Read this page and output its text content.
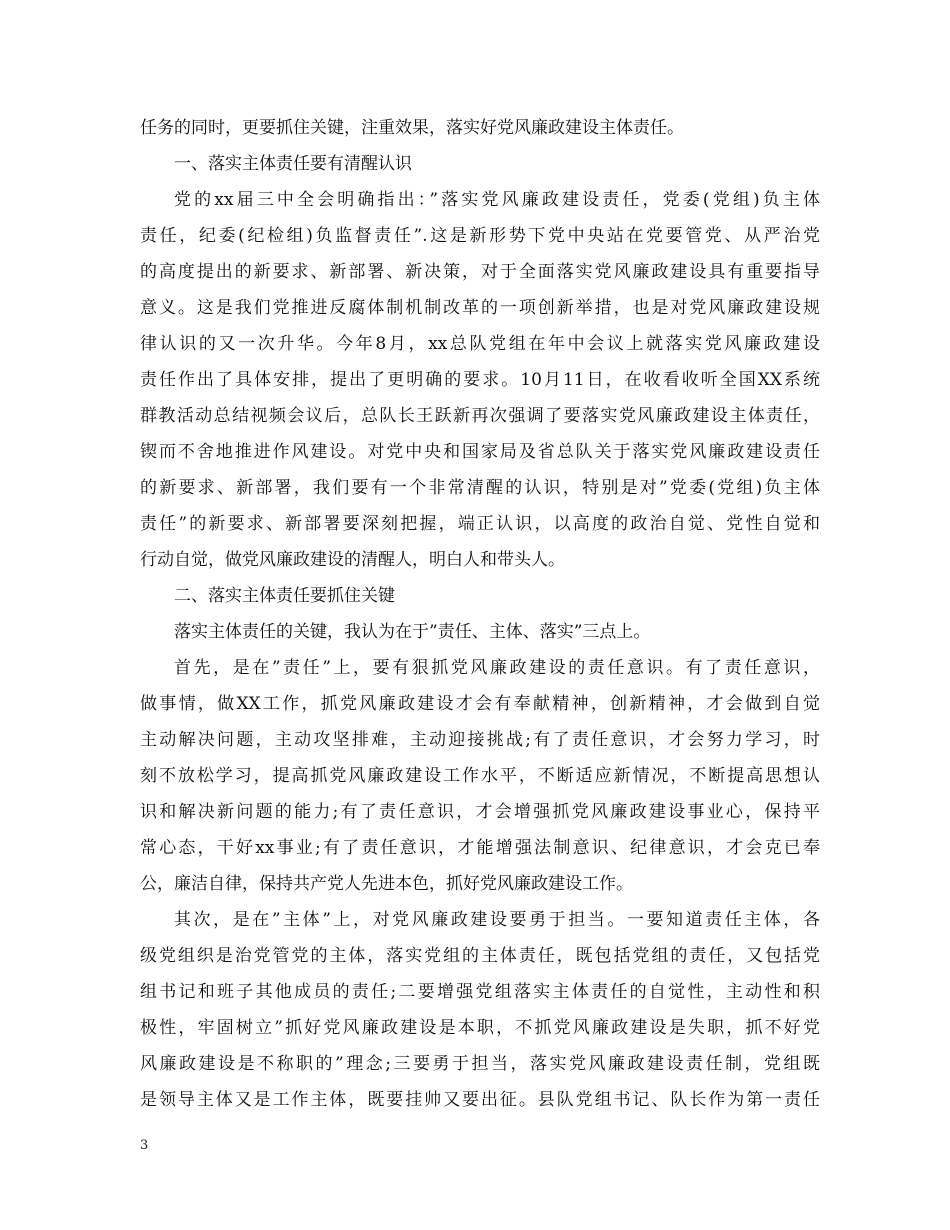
任务的同时，更要抓住关键，注重效果，落实好党风廉政建设主体责任。
一、落实主体责任要有清醒认识
党的xx届三中全会明确指出：”落实党风廉政建设责任，党委(党组)负主体
责任，纪委(纪检组)负监督责任”.这是新形势下党中央站在党要管党、从严治党
的高度提出的新要求、新部署、新决策，对于全面落实党风廉政建设具有重要指导
意义。这是我们党推进反腐体制机制改革的一项创新举措，也是对党风廉政建设规
律认识的又一次升华。今年8月，xx总队党组在年中会议上就落实党风廉政建设
责任作出了具体安排，提出了更明确的要求。10月11日，在收看收听全国XX系统
群教活动总结视频会议后，总队长王跃新再次强调了要落实党风廉政建设主体责任，
锲而不舍地推进作风建设。对党中央和国家局及省总队关于落实党风廉政建设责任
的新要求、新部署，我们要有一个非常清醒的认识，特别是对”党委(党组)负主体
责任”的新要求、新部署要深刻把握，端正认识，以高度的政治自觉、党性自觉和
行动自觉，做党风廉政建设的清醒人，明白人和带头人。
二、落实主体责任要抓住关键
落实主体责任的关键，我认为在于”责任、主体、落实”三点上。
首先，是在”责任”上，要有狠抓党风廉政建设的责任意识。有了责任意识，
做事情，做XX工作，抓党风廉政建设才会有奉献精神，创新精神，才会做到自觉
主动解决问题，主动攻坚排难，主动迎接挑战;有了责任意识，才会努力学习，时
刻不放松学习，提高抓党风廉政建设工作水平，不断适应新情况，不断提高思想认
识和解决新问题的能力;有了责任意识，才会增强抓党风廉政建设事业心，保持平
常心态，干好xx事业;有了责任意识，才能增强法制意识、纪律意识，才会克已奉
公，廉洁自律，保持共产党人先进本色，抓好党风廉政建设工作。
其次，是在”主体”上，对党风廉政建设要勇于担当。一要知道责任主体，各
级党组织是治党管党的主体，落实党组的主体责任，既包括党组的责任，又包括党
组书记和班子其他成员的责任;二要增强党组落实主体责任的自觉性，主动性和积
极性，牢固树立”抓好党风廉政建设是本职，不抓党风廉政建设是失职，抓不好党
风廉政建设是不称职的”理念;三要勇于担当，落实党风廉政建设责任制，党组既
是领导主体又是工作主体，既要挂帅又要出征。县队党组书记、队长作为第一责任
3
